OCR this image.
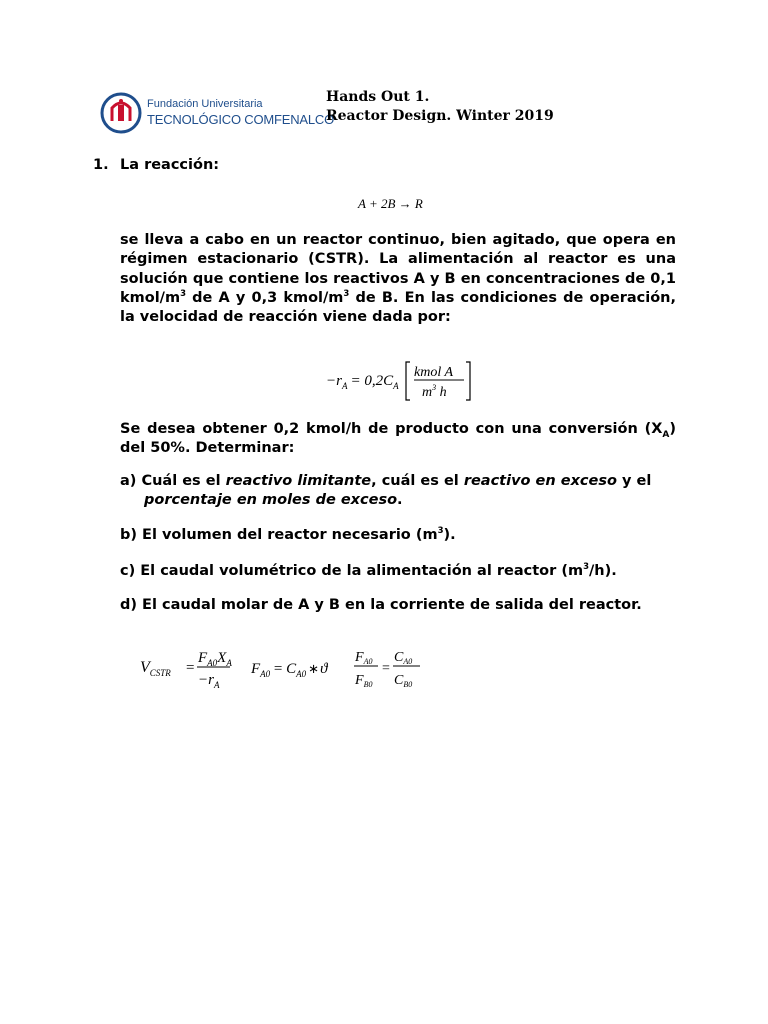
Fundación Universitaria
TECNOLÓGICO COMFENALCO
Hands Out 1.
Reactor Design. Winter 2019
1. La reacción:
A + 2B → R
se lleva a cabo en un reactor continuo, bien agitado, que opera en régimen estacionario (CSTR). La alimentación al reactor es una solución que contiene los reactivos A y B en concentraciones de 0,1 kmol/$m^3$ de A y 0,3 kmol/$m^3$ de B. En las condiciones de operación, la velocidad de reacción viene dada por:
$-r_A = 0,2C_A$
kmol A
$m^3$ h
Se desea obtener 0,2 kmol/h de producto con una conversión $(X_A)$ del 50%. Determinar:
a) Cuál es el reactivo limitante, cuál es el reactivo en exceso y el
porcentaje en moles de exceso.
b) El volumen del reactor necesario $(m^3)$.
c) El caudal volumétrico de la alimentación al reactor $(m^3/h)$.
d) El caudal molar de A y B en la corriente de salida del reactor.
$V_{CSTR}$ =
$F_{A0}X_A$
$-r_A$
$F_{A0} = C_{A0}$ ∗ϑ
$F_{A0}$
$F_{B0}$
=
$C_{A0}$
$C_{B0}$
